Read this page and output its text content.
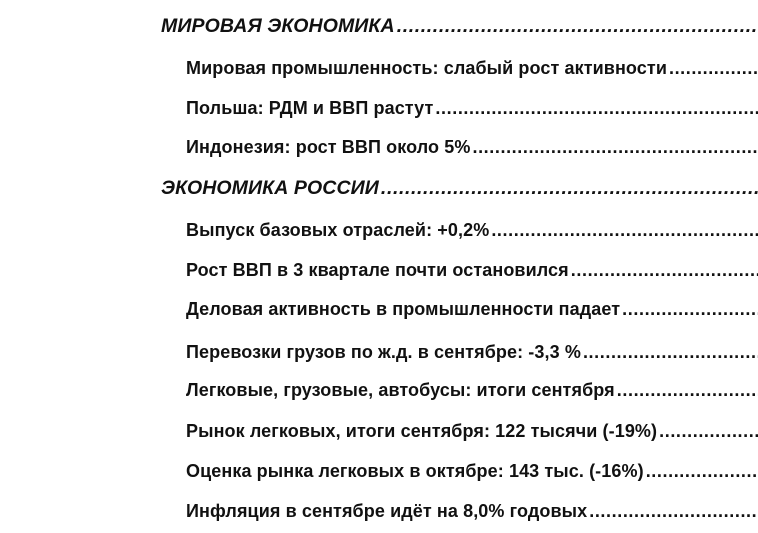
МИРОВАЯ ЭКОНОМИКА
.....
Мировая промышленность: слабый рост активности
.....
Польша: РДМ и ВВП растут
.....
Индонезия: рост ВВП около 5%
.....
ЭКОНОМИКА РОССИИ
.....
Выпуск базовых отраслей: +0,2%
.....
Рост ВВП в 3 квартале почти остановился
.....
Деловая активность в промышленности падает
.....
Перевозки грузов по ж.д. в сентябре: -3,3 %
.....
Легковые, грузовые, автобусы: итоги сентября
.....
Рынок легковых, итоги сентября: 122 тысячи (-19%)
.....
Оценка рынка легковых в октябре: 143 тыс. (-16%)
.....
Инфляция в сентябре идёт на 8,0% годовых
.....
